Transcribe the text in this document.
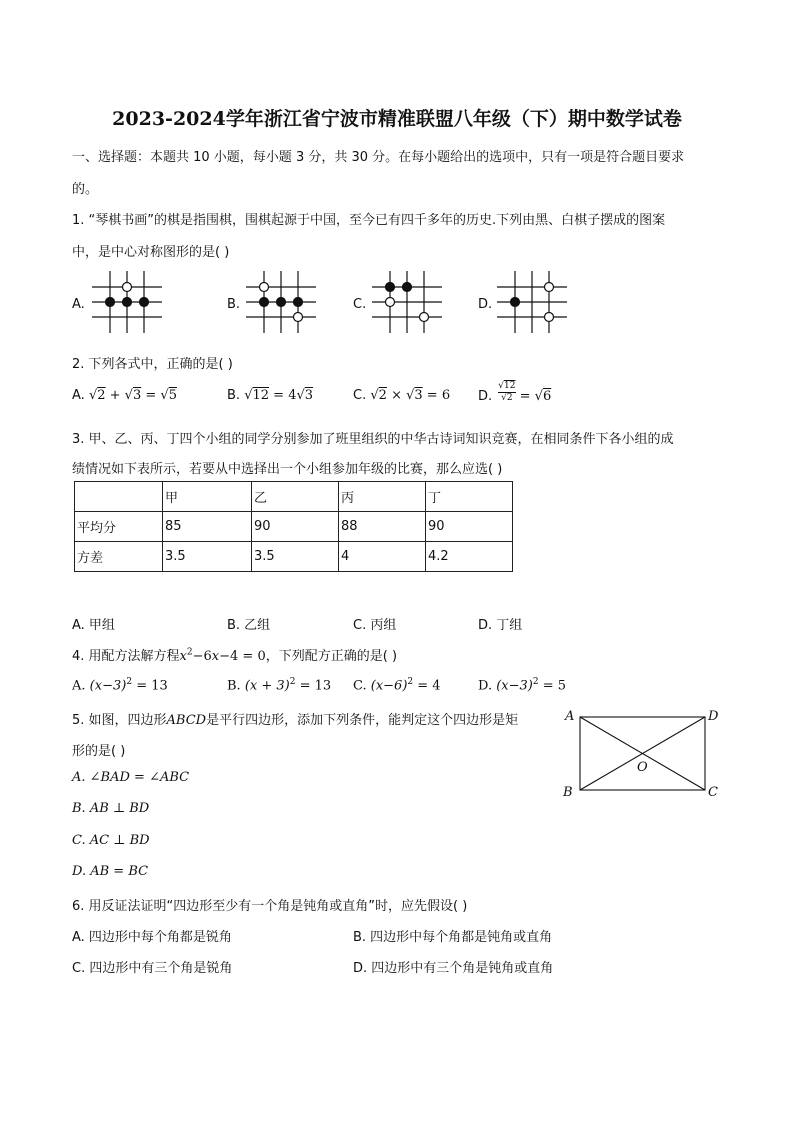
2023-2024学年浙江省宁波市精准联盟八年级（下）期中数学试卷
一、选择题：本题共 10 小题，每小题 3 分，共 30 分。在每小题给出的选项中，只有一项是符合题目要求
的。
1. “琴棋书画”的棋是指围棋，围棋起源于中国，至今已有四千多年的历史.下列由黑、白棋子摆成的图案
中，是中心对称图形的是( )
A.	B.	C.	D.
2. 下列各式中，正确的是( )
A. √2 + √3 = √5	B. √12 = 4√3	C. √2 × √3 = 6 D. $\frac{√12}{√2} = √6$
3. 甲、乙、丙、丁四个小组的同学分别参加了班里组织的中华古诗词知识竞赛，在相同条件下各小组的成
绩情况如下表所示，若要从中选择出一个小组参加年级的比赛，那么应选( )
	甲	乙	丙	丁
平均分	85	90	88	90
方差	3.5	3.5	4	4.2
A. 甲组	B. 乙组	C. 丙组	D. 丁组
4. 用配方法解方程$x^2-6x-4 = 0$，下列配方正确的是( )
A. $(x-3)^2 = 13$	B. $(x + 3)^2 = 13$ C. $(x-6)^2 = 4$	D. $(x-3)^2 = 5$
5. 如图，四边形ABCD是平行四边形，添加下列条件，能判定这个四边形是矩
形的是( )
A. ∠BAD = ∠ABC
B. AB ⊥ BD
C. AC ⊥ BD
D. AB = BC
A	D
B	C
O
6. 用反证法证明“四边形至少有一个角是钝角或直角”时，应先假设( )
A. 四边形中每个角都是锐角	B. 四边形中每个角都是钝角或直角
C. 四边形中有三个角是锐角	D. 四边形中有三个角是钝角或直角
